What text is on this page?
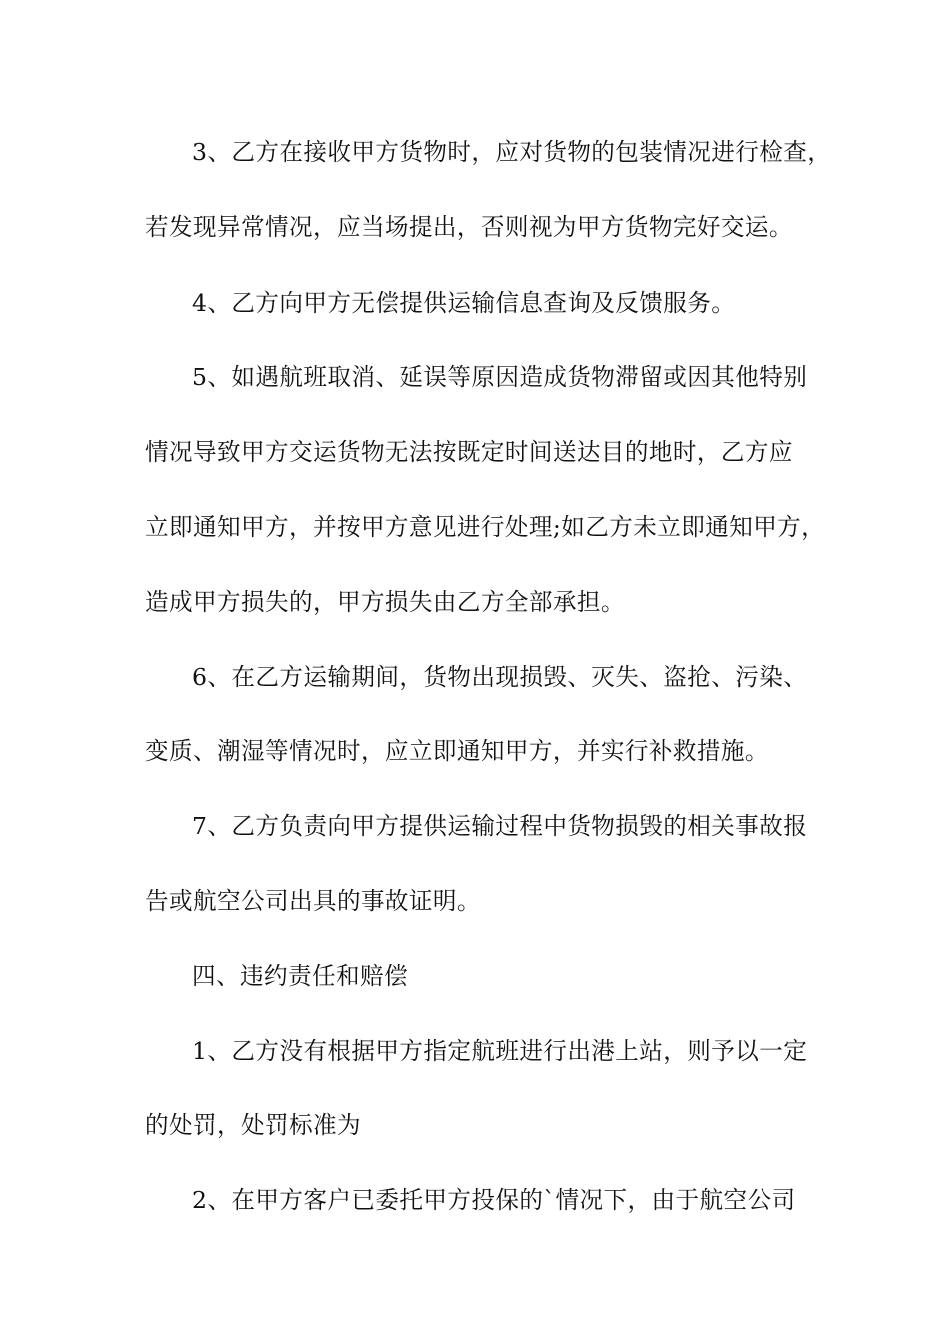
3、乙方在接收甲方货物时，应对货物的包装情况进行检查，
若发现异常情况，应当场提出，否则视为甲方货物完好交运。
4、乙方向甲方无偿提供运输信息查询及反馈服务。
5、如遇航班取消、延误等原因造成货物滞留或因其他特别
情况导致甲方交运货物无法按既定时间送达目的地时，乙方应
立即通知甲方，并按甲方意见进行处理;如乙方未立即通知甲方，
造成甲方损失的，甲方损失由乙方全部承担。
6、在乙方运输期间，货物出现损毁、灭失、盗抢、污染、
变质、潮湿等情况时，应立即通知甲方，并实行补救措施。
7、乙方负责向甲方提供运输过程中货物损毁的相关事故报
告或航空公司出具的事故证明。
四、违约责任和赔偿
1、乙方没有根据甲方指定航班进行出港上站，则予以一定
的处罚，处罚标准为
2、在甲方客户已委托甲方投保的`情况下，由于航空公司
